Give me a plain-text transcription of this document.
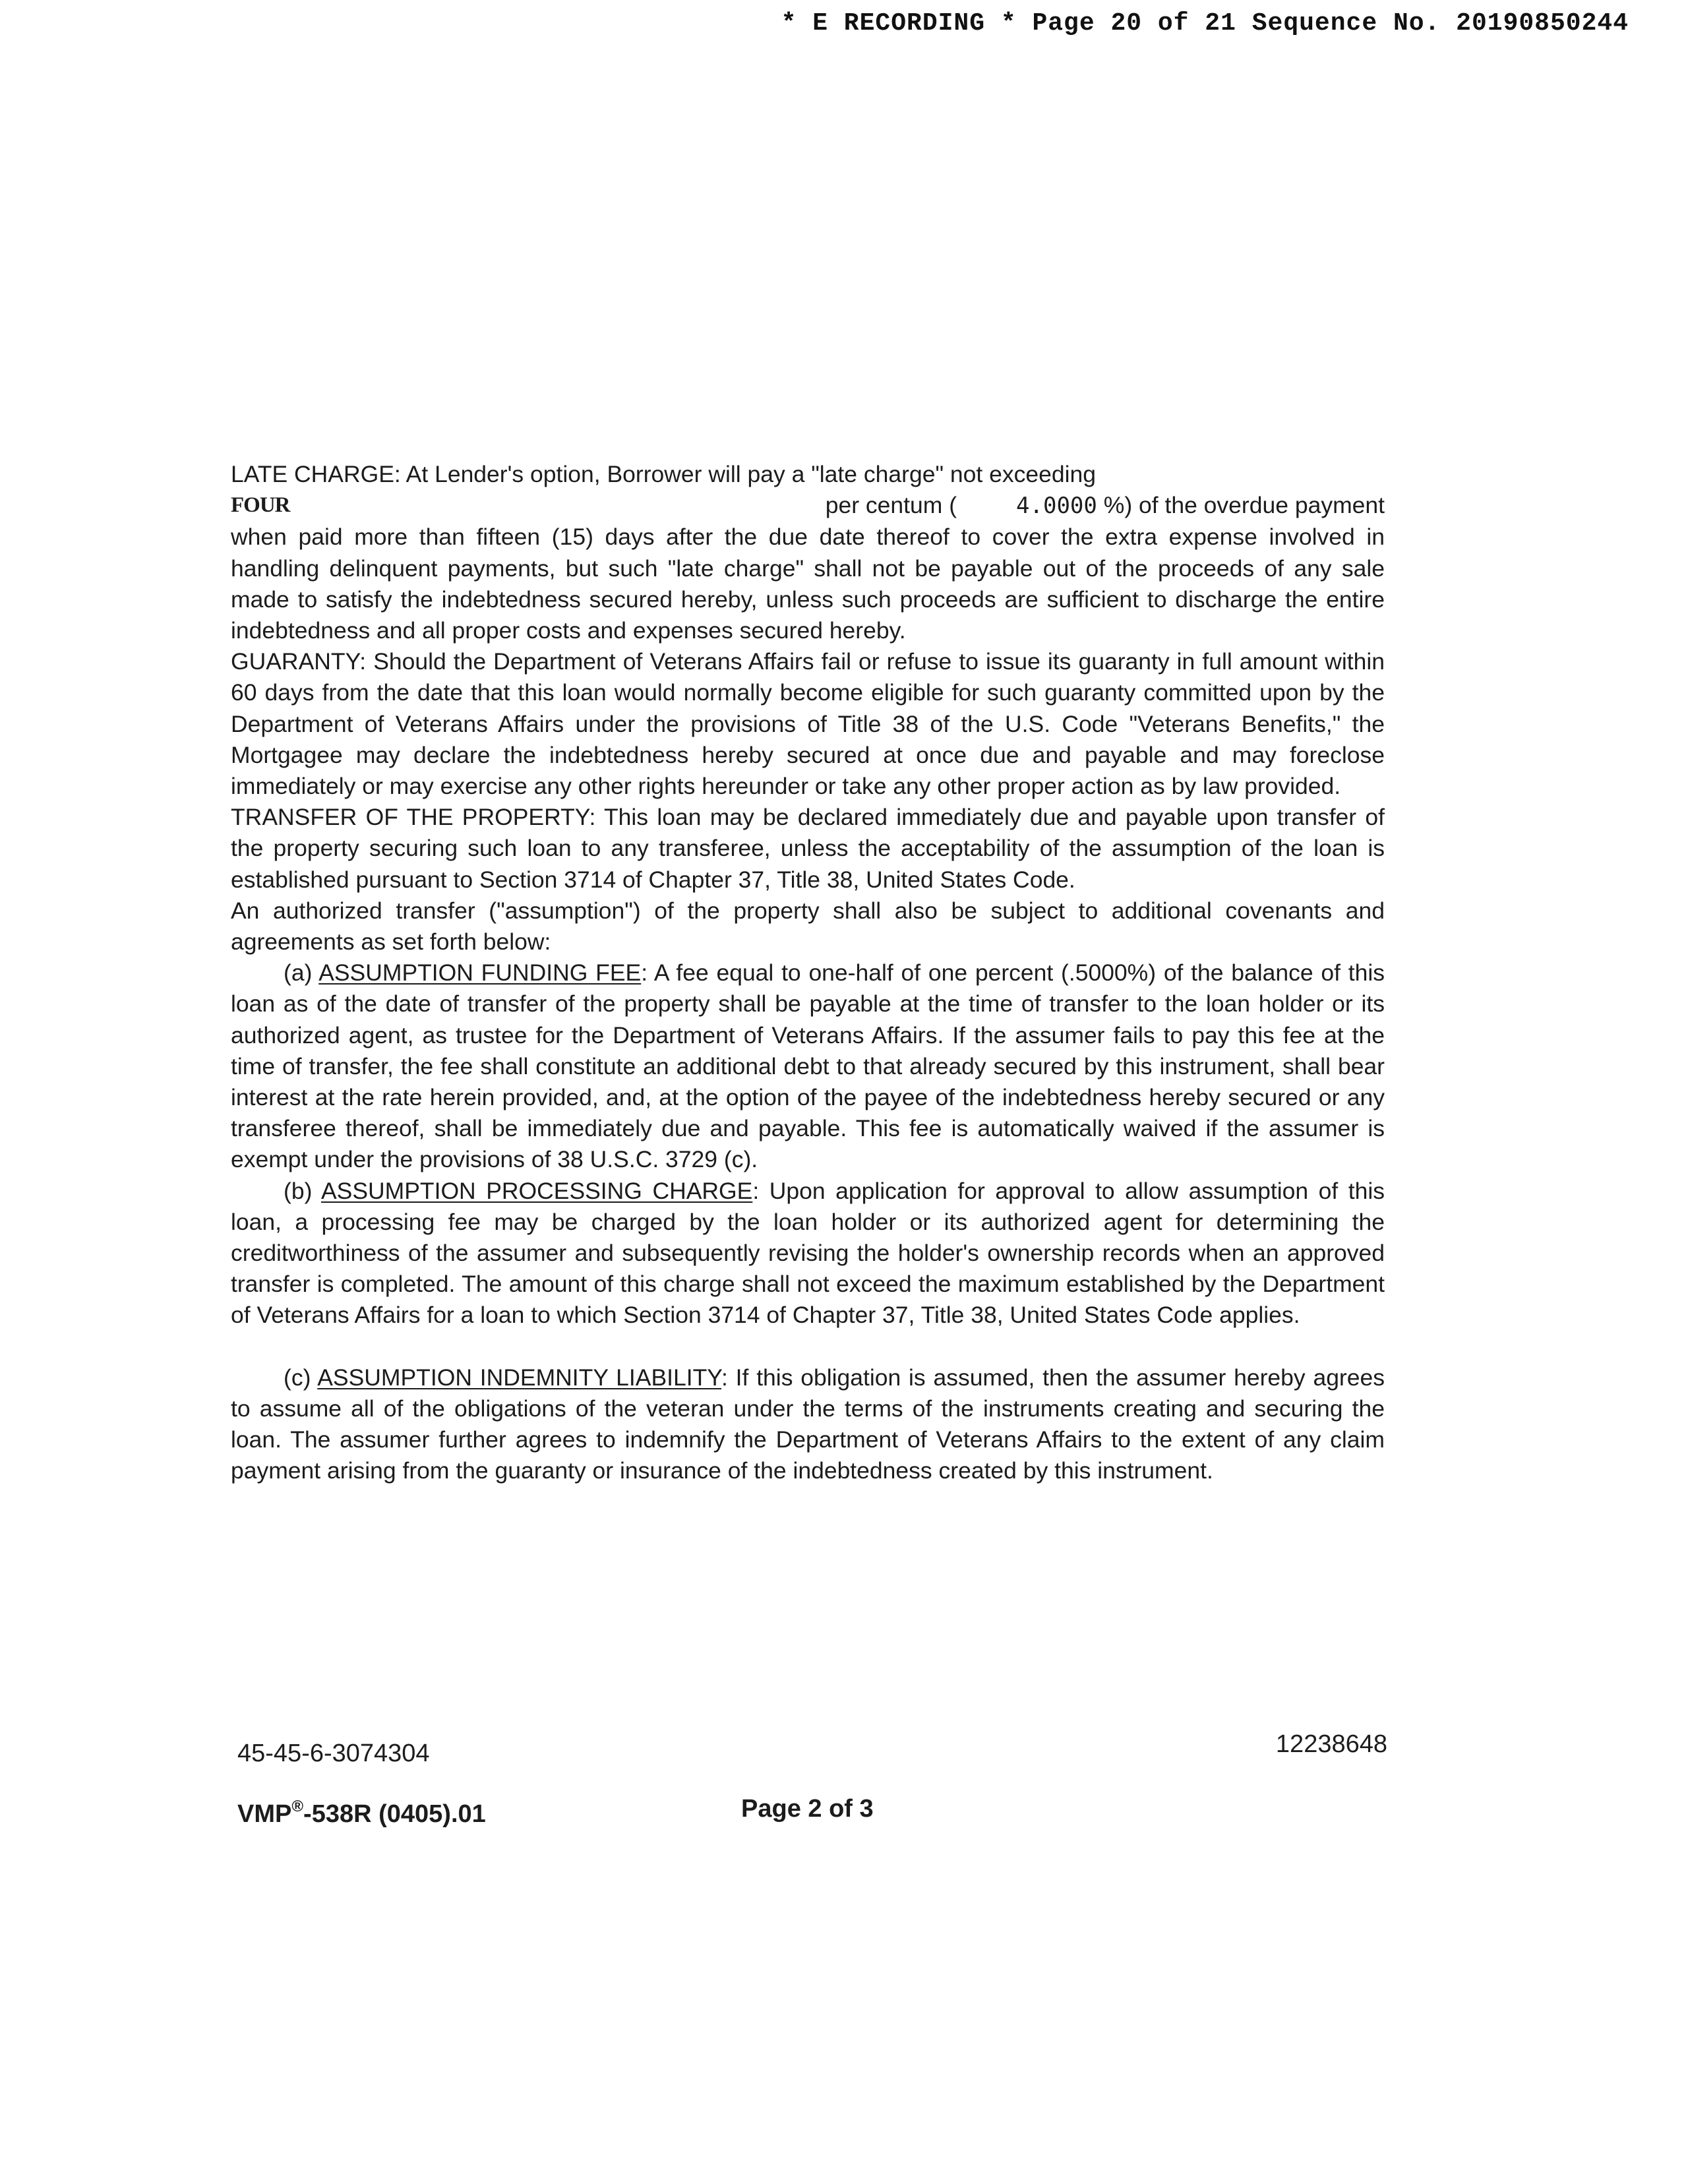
* E RECORDING * Page 20 of 21 Sequence No. 20190850244

LATE CHARGE: At Lender's option, Borrower will pay a "late charge" not exceeding

FOUR	per centum (	4.0000 %) of the overdue payment

when paid more than fifteen (15) days after the due date thereof to cover the extra expense involved in handling delinquent payments, but such "late charge" shall not be payable out of the proceeds of any sale made to satisfy the indebtedness secured hereby, unless such proceeds are sufficient to discharge the entire indebtedness and all proper costs and expenses secured hereby.

GUARANTY: Should the Department of Veterans Affairs fail or refuse to issue its guaranty in full amount within 60 days from the date that this loan would normally become eligible for such guaranty committed upon by the Department of Veterans Affairs under the provisions of Title 38 of the U.S. Code "Veterans Benefits," the Mortgagee may declare the indebtedness hereby secured at once due and payable and may foreclose immediately or may exercise any other rights hereunder or take any other proper action as by law provided.

TRANSFER OF THE PROPERTY: This loan may be declared immediately due and payable upon transfer of the property securing such loan to any transferee, unless the acceptability of the assumption of the loan is established pursuant to Section 3714 of Chapter 37, Title 38, United States Code.

An authorized transfer ("assumption") of the property shall also be subject to additional covenants and agreements as set forth below:

(a) ASSUMPTION FUNDING FEE: A fee equal to one-half of one percent (.5000%) of the balance of this loan as of the date of transfer of the property shall be payable at the time of transfer to the loan holder or its authorized agent, as trustee for the Department of Veterans Affairs. If the assumer fails to pay this fee at the time of transfer, the fee shall constitute an additional debt to that already secured by this instrument, shall bear interest at the rate herein provided, and, at the option of the payee of the indebtedness hereby secured or any transferee thereof, shall be immediately due and payable. This fee is automatically waived if the assumer is exempt under the provisions of 38 U.S.C. 3729 (c).

(b) ASSUMPTION PROCESSING CHARGE: Upon application for approval to allow assumption of this loan, a processing fee may be charged by the loan holder or its authorized agent for determining the creditworthiness of the assumer and subsequently revising the holder's ownership records when an approved transfer is completed. The amount of this charge shall not exceed the maximum established by the Department of Veterans Affairs for a loan to which Section 3714 of Chapter 37, Title 38, United States Code applies.

(c) ASSUMPTION INDEMNITY LIABILITY: If this obligation is assumed, then the assumer hereby agrees to assume all of the obligations of the veteran under the terms of the instruments creating and securing the loan. The assumer further agrees to indemnify the Department of Veterans Affairs to the extent of any claim payment arising from the guaranty or insurance of the indebtedness created by this instrument.

45-45-6-3074304	12238648
VMP®-538R (0405).01	Page 2 of 3
